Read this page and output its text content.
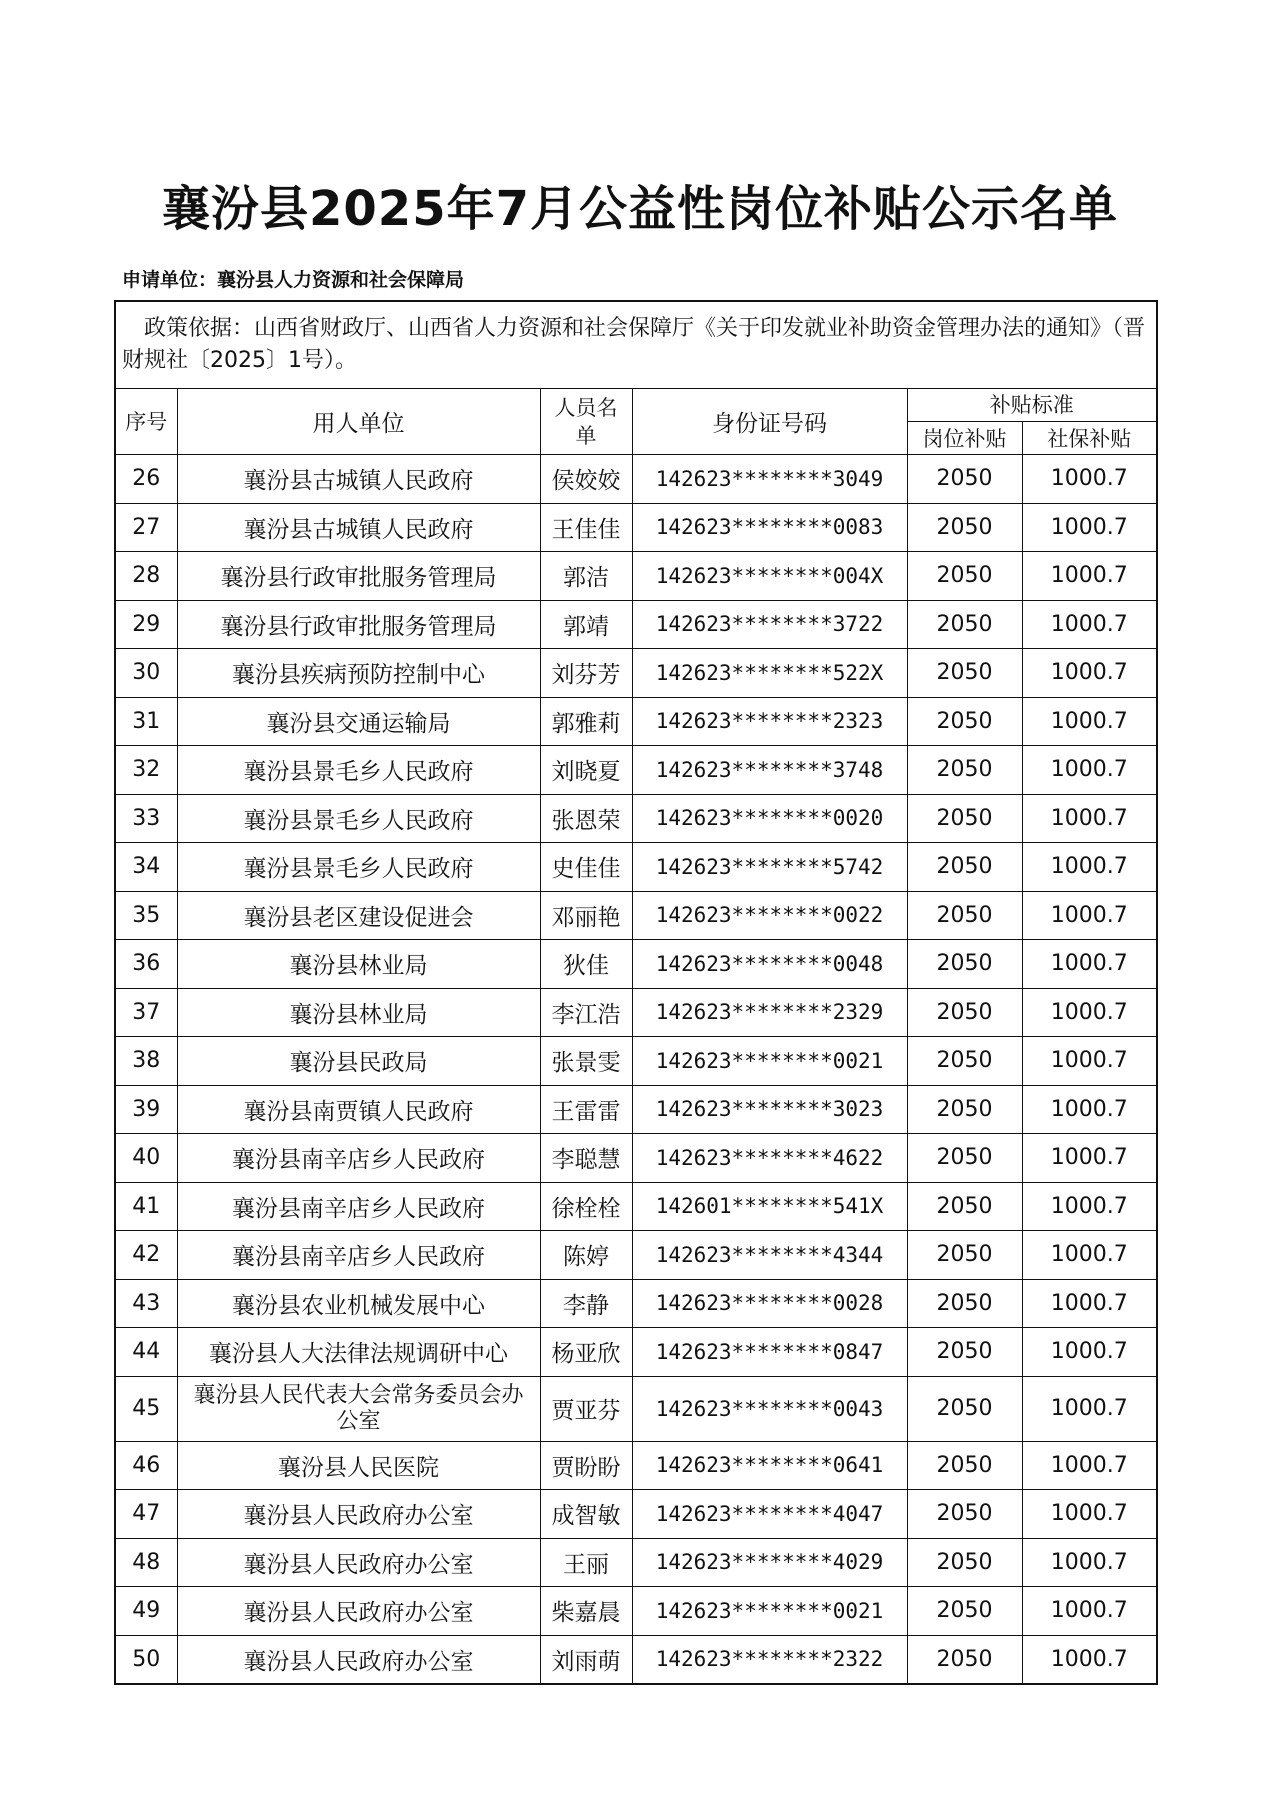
襄汾县2025年7月公益性岗位补贴公示名单
申请单位：襄汾县人力资源和社会保障局
政策依据：山西省财政厅、山西省人力资源和社会保障厅《关于印发就业补助资金管理办法的通知》（晋财规社〔2025〕1号）。					
序号	用人单位	人员名单	身份证号码	补贴标准	
				岗位补贴	社保补贴
26	襄汾县古城镇人民政府	侯姣姣	142623********3049	2050	1000.7
27	襄汾县古城镇人民政府	王佳佳	142623********0083	2050	1000.7
28	襄汾县行政审批服务管理局	郭洁	142623********004X	2050	1000.7
29	襄汾县行政审批服务管理局	郭靖	142623********3722	2050	1000.7
30	襄汾县疾病预防控制中心	刘芬芳	142623********522X	2050	1000.7
31	襄汾县交通运输局	郭雅莉	142623********2323	2050	1000.7
32	襄汾县景毛乡人民政府	刘晓夏	142623********3748	2050	1000.7
33	襄汾县景毛乡人民政府	张恩荣	142623********0020	2050	1000.7
34	襄汾县景毛乡人民政府	史佳佳	142623********5742	2050	1000.7
35	襄汾县老区建设促进会	邓丽艳	142623********0022	2050	1000.7
36	襄汾县林业局	狄佳	142623********0048	2050	1000.7
37	襄汾县林业局	李江浩	142623********2329	2050	1000.7
38	襄汾县民政局	张景雯	142623********0021	2050	1000.7
39	襄汾县南贾镇人民政府	王雷雷	142623********3023	2050	1000.7
40	襄汾县南辛店乡人民政府	李聪慧	142623********4622	2050	1000.7
41	襄汾县南辛店乡人民政府	徐栓栓	142601********541X	2050	1000.7
42	襄汾县南辛店乡人民政府	陈婷	142623********4344	2050	1000.7
43	襄汾县农业机械发展中心	李静	142623********0028	2050	1000.7
44	襄汾县人大法律法规调研中心	杨亚欣	142623********0847	2050	1000.7
45	襄汾县人民代表大会常务委员会办公室	贾亚芬	142623********0043	2050	1000.7
46	襄汾县人民医院	贾盼盼	142623********0641	2050	1000.7
47	襄汾县人民政府办公室	成智敏	142623********4047	2050	1000.7
48	襄汾县人民政府办公室	王丽	142623********4029	2050	1000.7
49	襄汾县人民政府办公室	柴嘉晨	142623********0021	2050	1000.7
50	襄汾县人民政府办公室	刘雨萌	142623********2322	2050	1000.7
